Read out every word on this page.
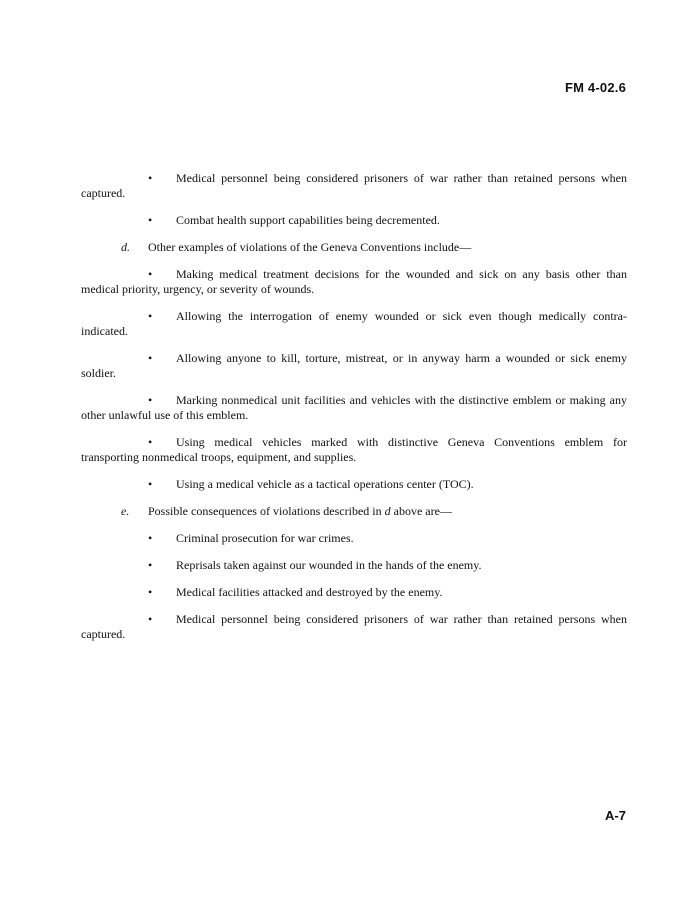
FM 4-02.6

• Medical personnel being considered prisoners of war rather than retained persons when captured.

• Combat health support capabilities being decremented.

d. Other examples of violations of the Geneva Conventions include—

• Making medical treatment decisions for the wounded and sick on any basis other than medical priority, urgency, or severity of wounds.

• Allowing the interrogation of enemy wounded or sick even though medically contra-indicated.

• Allowing anyone to kill, torture, mistreat, or in anyway harm a wounded or sick enemy soldier.

• Marking nonmedical unit facilities and vehicles with the distinctive emblem or making any other unlawful use of this emblem.

• Using medical vehicles marked with distinctive Geneva Conventions emblem for transporting nonmedical troops, equipment, and supplies.

• Using a medical vehicle as a tactical operations center (TOC).

e. Possible consequences of violations described in d above are—

• Criminal prosecution for war crimes.

• Reprisals taken against our wounded in the hands of the enemy.

• Medical facilities attacked and destroyed by the enemy.

• Medical personnel being considered prisoners of war rather than retained persons when captured.

A-7
